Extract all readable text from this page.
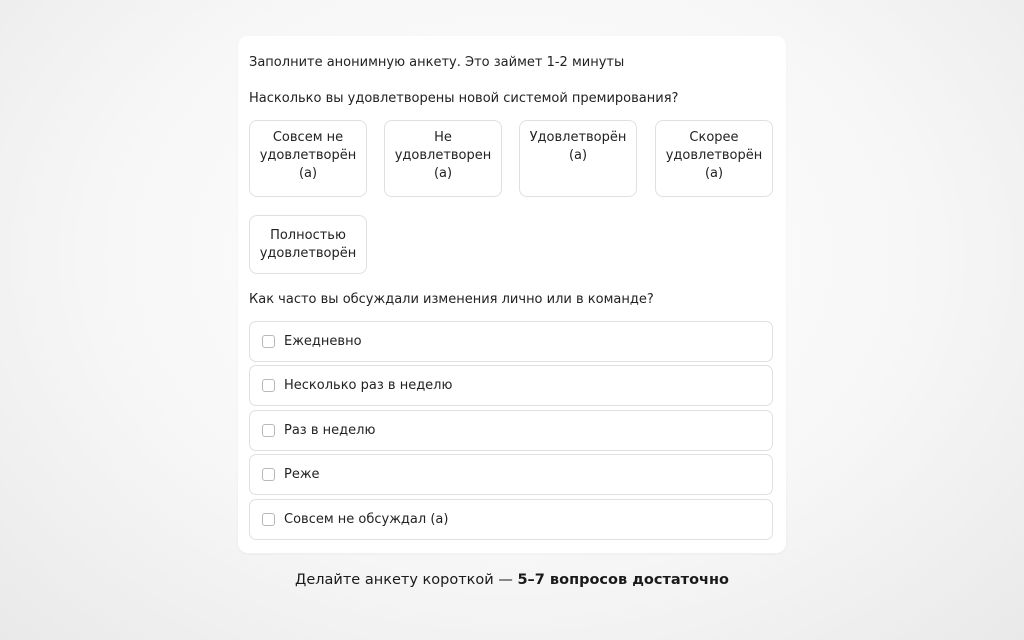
Заполните анонимную анкету. Это займет 1-2 минуты
Насколько вы удовлетворены новой системой премирования?
Совсем не удовлетворён (а)
Не удовлетворен (а)
Удовлетворён (а)
Скорее удовлетворён (а)
Полностью удовлетворён
Как часто вы обсуждали изменения лично или в команде?
Ежедневно
Несколько раз в неделю
Раз в неделю
Реже
Совсем не обсуждал (а)
Делайте анкету короткой — 5–7 вопросов достаточно
